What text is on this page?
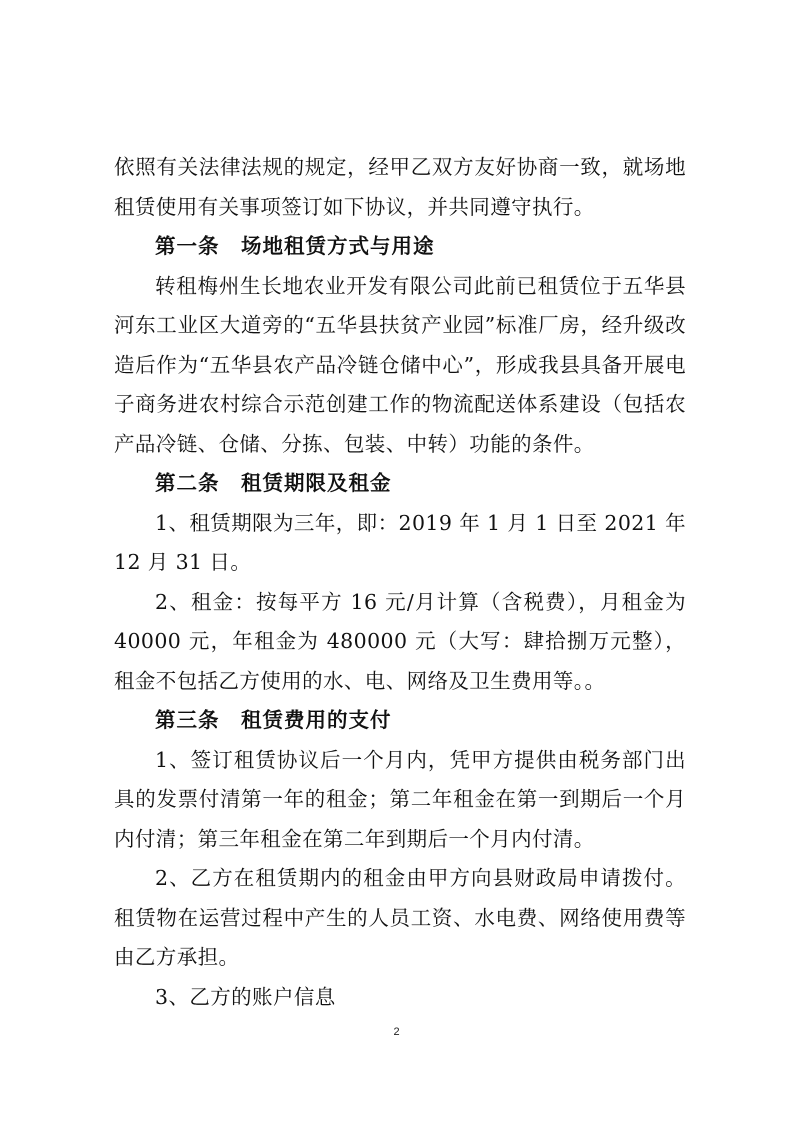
依照有关法律法规的规定，经甲乙双方友好协商一致，就场地租赁使用有关事项签订如下协议，并共同遵守执行。

第一条　场地租赁方式与用途

转租梅州生长地农业开发有限公司此前已租赁位于五华县河东工业区大道旁的“五华县扶贫产业园”标准厂房，经升级改造后作为“五华县农产品冷链仓储中心”，形成我县具备开展电子商务进农村综合示范创建工作的物流配送体系建设（包括农产品冷链、仓储、分拣、包装、中转）功能的条件。

第二条　租赁期限及租金

1、租赁期限为三年，即：2019 年 1 月 1 日至 2021 年 12 月 31 日。

2、租金：按每平方 16 元/月计算（含税费），月租金为 40000 元，年租金为 480000 元（大写：肆拾捌万元整），租金不包括乙方使用的水、电、网络及卫生费用等。。

第三条　租赁费用的支付

1、签订租赁协议后一个月内，凭甲方提供由税务部门出具的发票付清第一年的租金；第二年租金在第一到期后一个月内付清；第三年租金在第二年到期后一个月内付清。

2、乙方在租赁期内的租金由甲方向县财政局申请拨付。租赁物在运营过程中产生的人员工资、水电费、网络使用费等由乙方承担。

3、乙方的账户信息

2
